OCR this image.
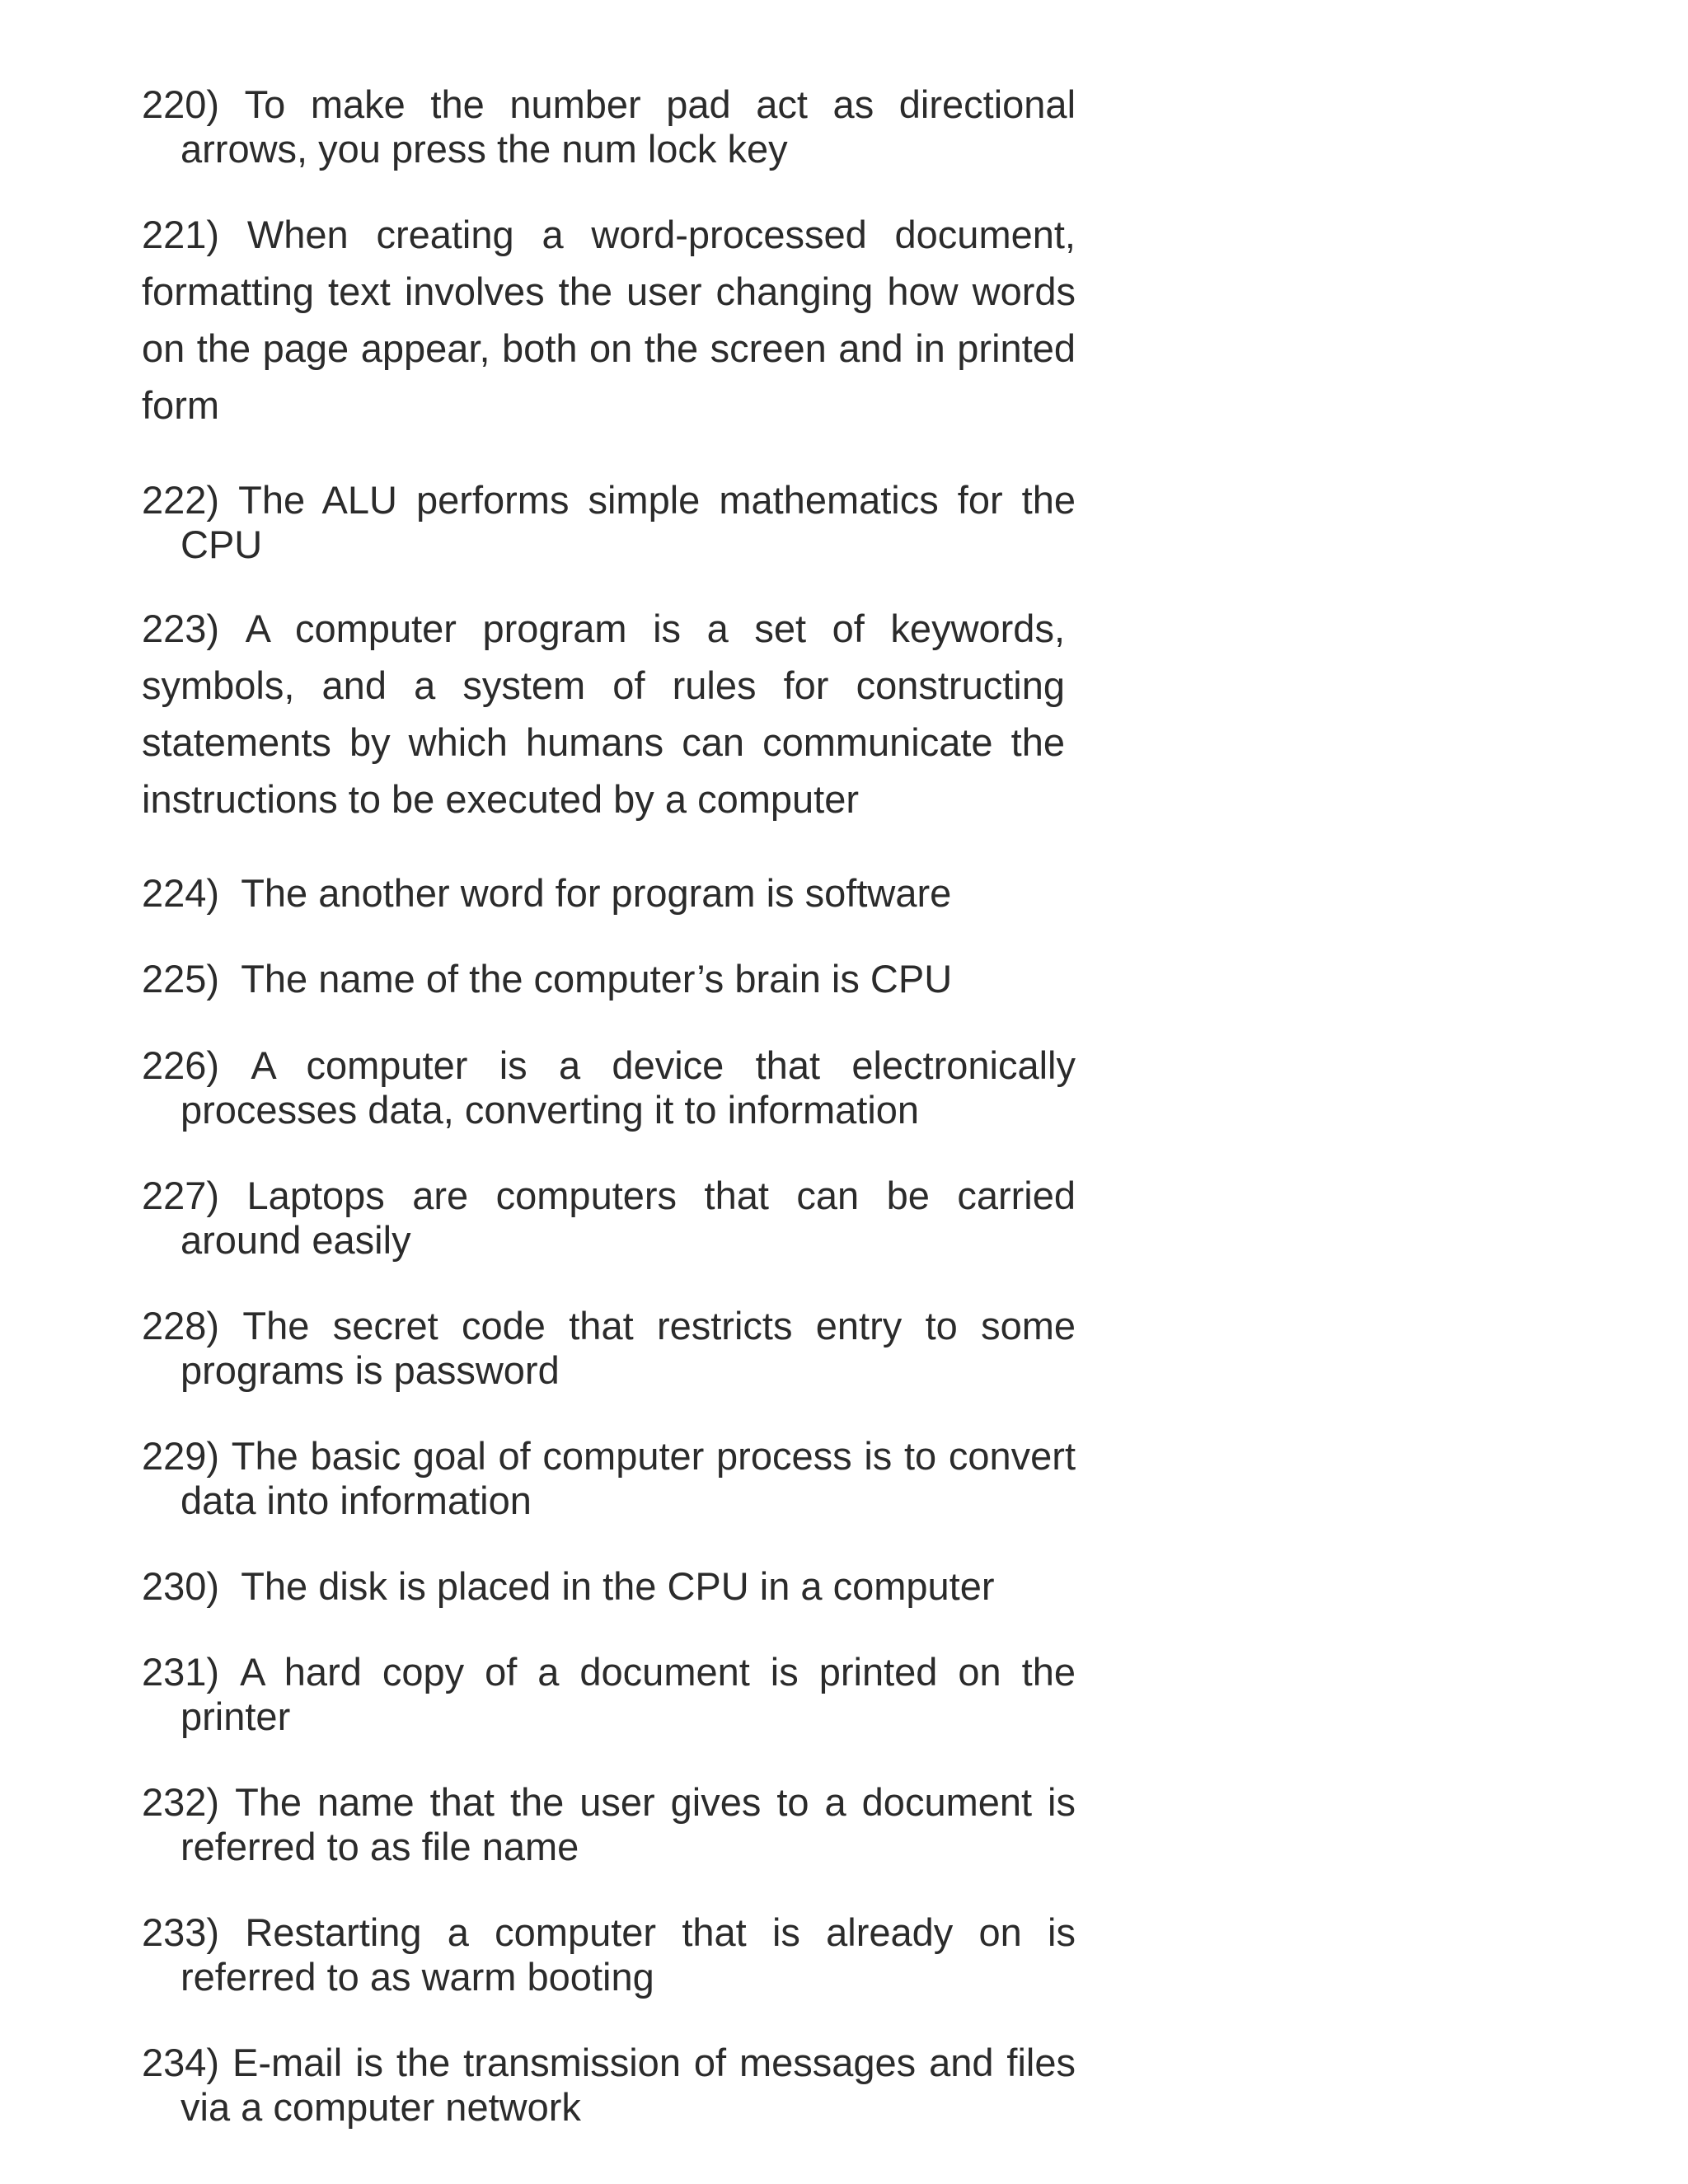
220) To make the number pad act as directional
arrows, you press the num lock key

221) When creating a word-processed document, formatting text involves the user changing how words on the page appear, both on the screen and in printed form

222) The ALU performs simple mathematics for the
CPU

223) A computer program is a set of keywords, symbols, and a system of rules for constructing statements by which humans can communicate the instructions to be executed by a computer

224) The another word for program is software

225) The name of the computer’s brain is CPU

226) A computer is a device that electronically
processes data, converting it to information

227) Laptops are computers that can be carried
around easily

228) The secret code that restricts entry to some
programs is password

229) The basic goal of computer process is to convert
data into information

230) The disk is placed in the CPU in a computer

231) A hard copy of a document is printed on the
printer

232) The name that the user gives to a document is
referred to as file name

233) Restarting a computer that is already on is
referred to as warm booting

234) E-mail is the transmission of messages and files
via a computer network
